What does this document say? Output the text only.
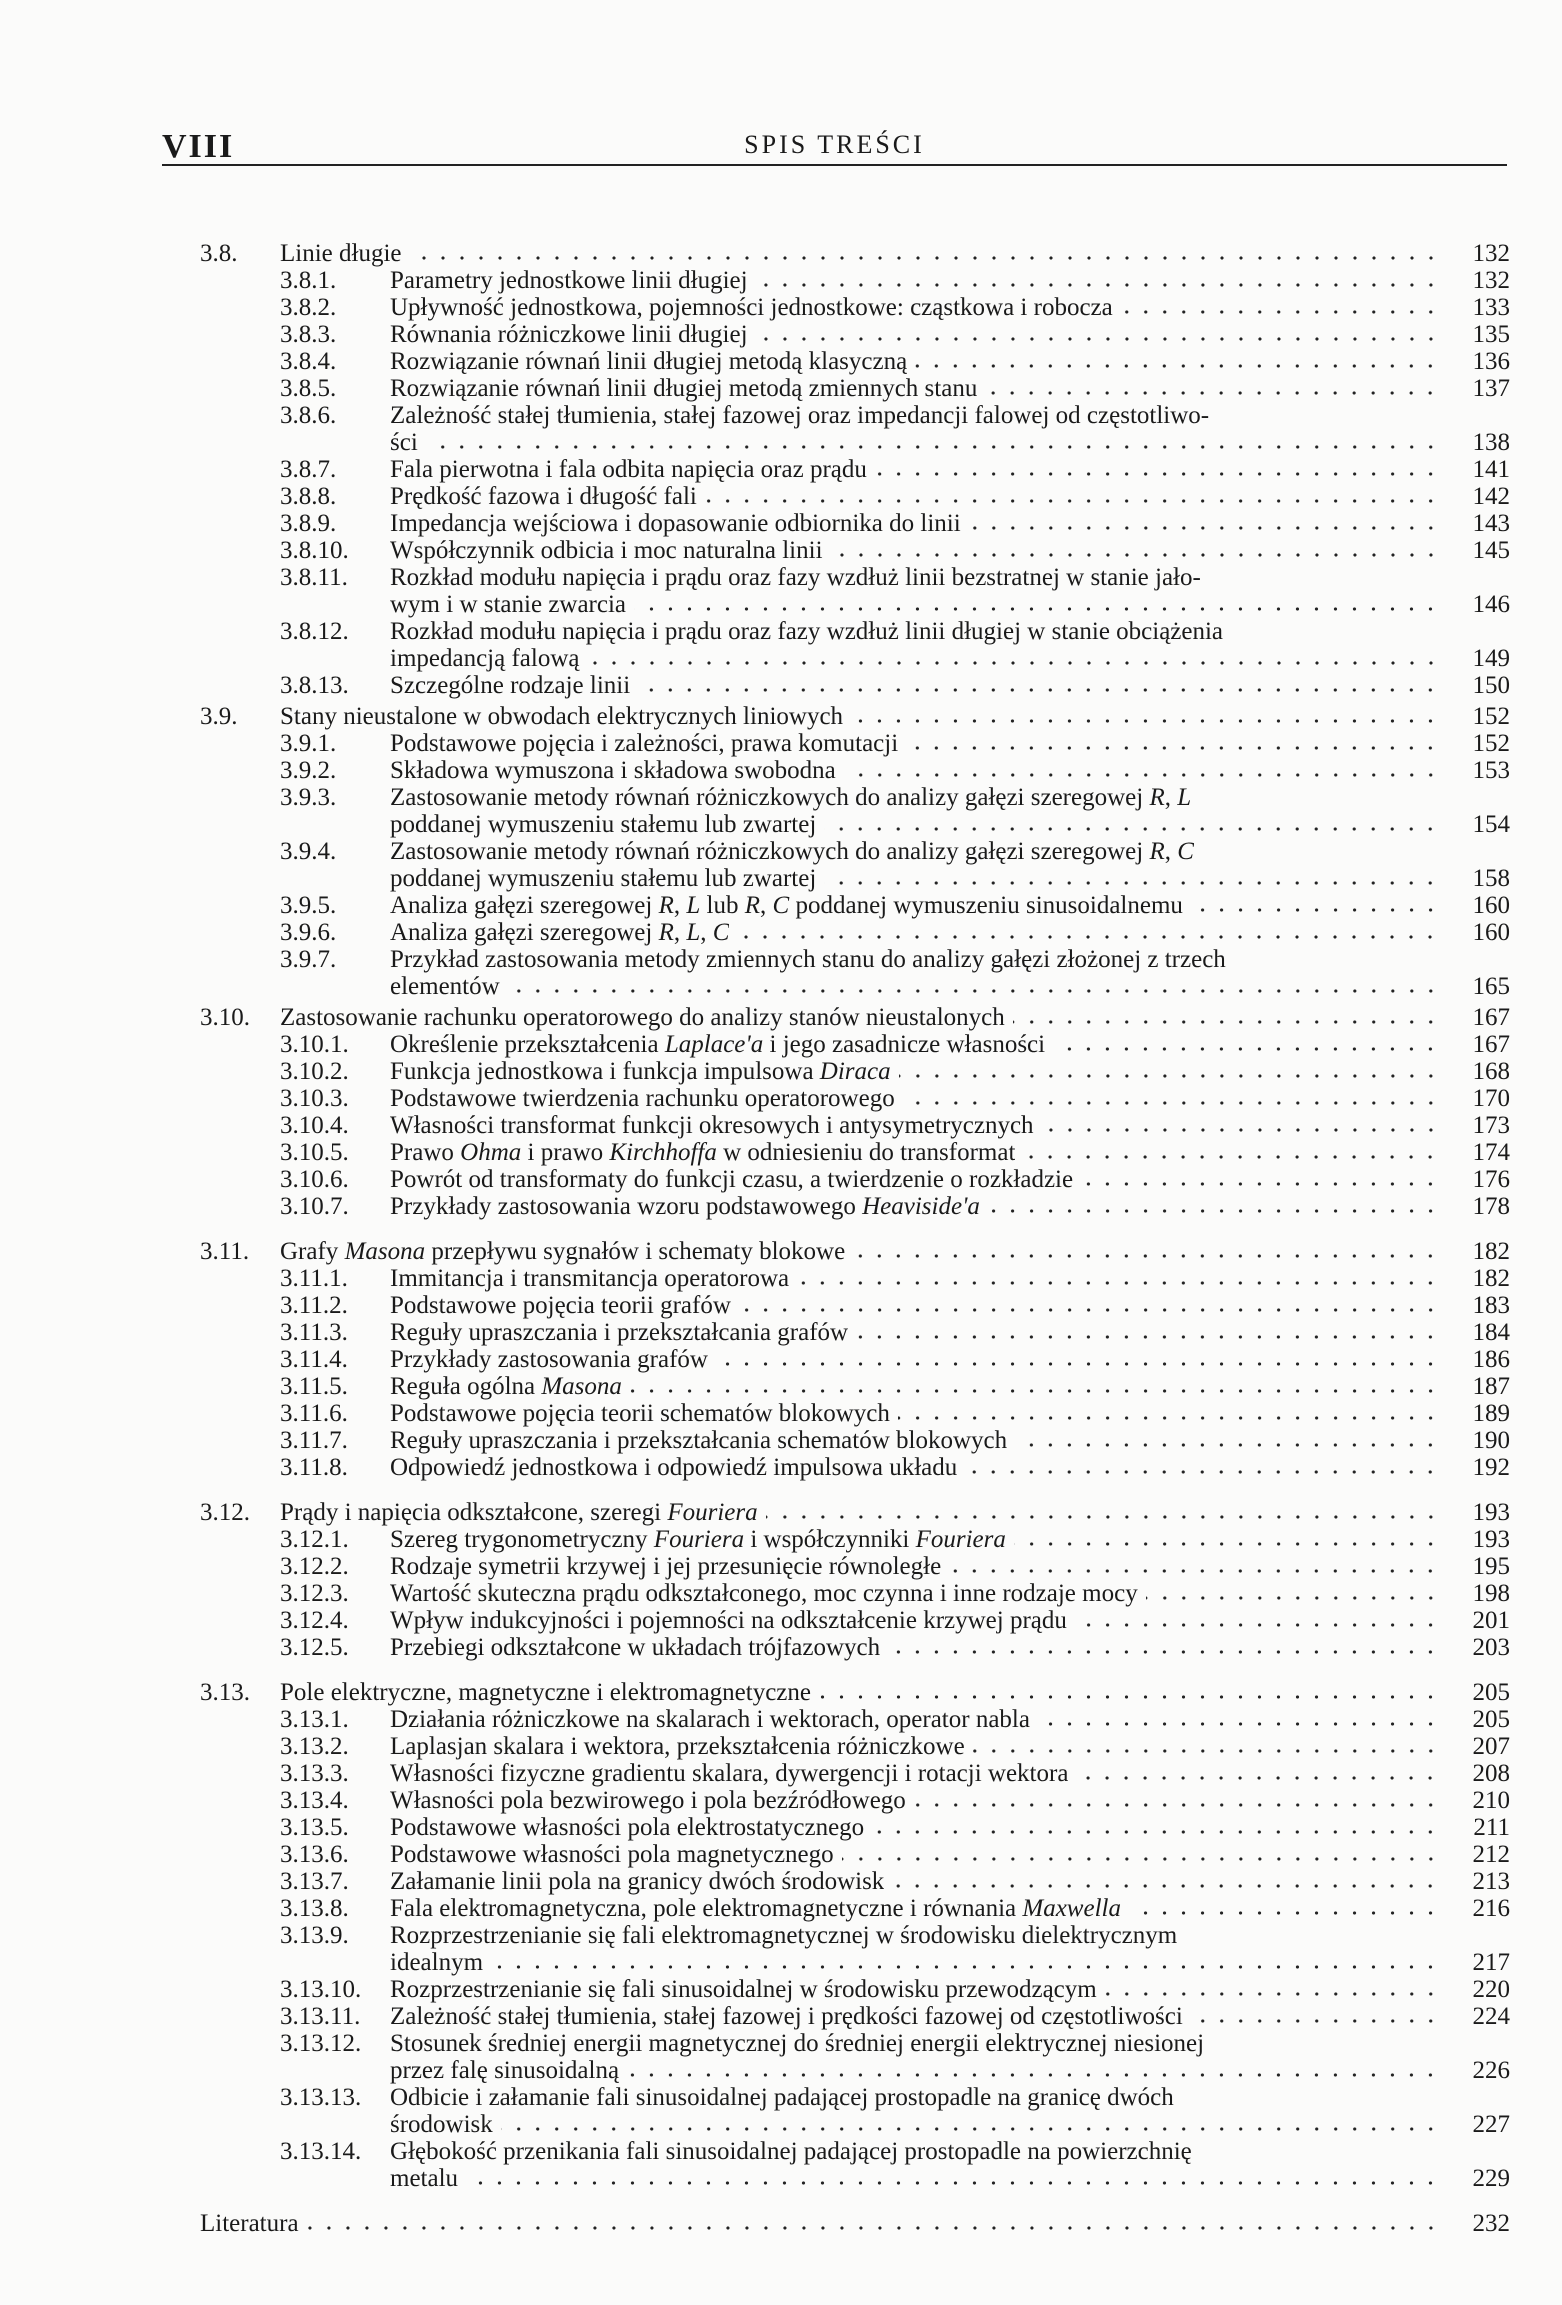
VIII	SPIS TREŚCI
3.8.	Linie długie	132
3.8.1.	Parametry jednostkowe linii długiej	132
3.8.2.	Upływność jednostkowa, pojemności jednostkowe: cząstkowa i robocza	133
3.8.3.	Równania różniczkowe linii długiej	135
3.8.4.	Rozwiązanie równań linii długiej metodą klasyczną	136
3.8.5.	Rozwiązanie równań linii długiej metodą zmiennych stanu	137
3.8.6.	Zależność stałej tłumienia, stałej fazowej oraz impedancji falowej od częstotliwo-
ści	138
3.8.7.	Fala pierwotna i fala odbita napięcia oraz prądu	141
3.8.8.	Prędkość fazowa i długość fali	142
3.8.9.	Impedancja wejściowa i dopasowanie odbiornika do linii	143
3.8.10.	Współczynnik odbicia i moc naturalna linii	145
3.8.11.	Rozkład modułu napięcia i prądu oraz fazy wzdłuż linii bezstratnej w stanie jało-
wym i w stanie zwarcia	146
3.8.12.	Rozkład modułu napięcia i prądu oraz fazy wzdłuż linii długiej w stanie obciążenia
impedancją falową	149
3.8.13.	Szczególne rodzaje linii	150
3.9.	Stany nieustalone w obwodach elektrycznych liniowych	152
3.9.1.	Podstawowe pojęcia i zależności, prawa komutacji	152
3.9.2.	Składowa wymuszona i składowa swobodna	153
3.9.3.	Zastosowanie metody równań różniczkowych do analizy gałęzi szeregowej R, L
poddanej wymuszeniu stałemu lub zwartej	154
3.9.4.	Zastosowanie metody równań różniczkowych do analizy gałęzi szeregowej R, C
poddanej wymuszeniu stałemu lub zwartej	158
3.9.5.	Analiza gałęzi szeregowej R, L lub R, C poddanej wymuszeniu sinusoidalnemu	160
3.9.6.	Analiza gałęzi szeregowej R, L, C	160
3.9.7.	Przykład zastosowania metody zmiennych stanu do analizy gałęzi złożonej z trzech
elementów	165
3.10.	Zastosowanie rachunku operatorowego do analizy stanów nieustalonych	167
3.10.1.	Określenie przekształcenia Laplace'a i jego zasadnicze własności	167
3.10.2.	Funkcja jednostkowa i funkcja impulsowa Diraca	168
3.10.3.	Podstawowe twierdzenia rachunku operatorowego	170
3.10.4.	Własności transformat funkcji okresowych i antysymetrycznych	173
3.10.5.	Prawo Ohma i prawo Kirchhoffa w odniesieniu do transformat	174
3.10.6.	Powrót od transformaty do funkcji czasu, a twierdzenie o rozkładzie	176
3.10.7.	Przykłady zastosowania wzoru podstawowego Heaviside'a	178
3.11.	Grafy Masona przepływu sygnałów i schematy blokowe	182
3.11.1.	Immitancja i transmitancja operatorowa	182
3.11.2.	Podstawowe pojęcia teorii grafów	183
3.11.3.	Reguły upraszczania i przekształcania grafów	184
3.11.4.	Przykłady zastosowania grafów	186
3.11.5.	Reguła ogólna Masona	187
3.11.6.	Podstawowe pojęcia teorii schematów blokowych	189
3.11.7.	Reguły upraszczania i przekształcania schematów blokowych	190
3.11.8.	Odpowiedź jednostkowa i odpowiedź impulsowa układu	192
3.12.	Prądy i napięcia odkształcone, szeregi Fouriera	193
3.12.1.	Szereg trygonometryczny Fouriera i współczynniki Fouriera	193
3.12.2.	Rodzaje symetrii krzywej i jej przesunięcie równoległe	195
3.12.3.	Wartość skuteczna prądu odkształconego, moc czynna i inne rodzaje mocy	198
3.12.4.	Wpływ indukcyjności i pojemności na odkształcenie krzywej prądu	201
3.12.5.	Przebiegi odkształcone w układach trójfazowych	203
3.13.	Pole elektryczne, magnetyczne i elektromagnetyczne	205
3.13.1.	Działania różniczkowe na skalarach i wektorach, operator nabla	205
3.13.2.	Laplasjan skalara i wektora, przekształcenia różniczkowe	207
3.13.3.	Własności fizyczne gradientu skalara, dywergencji i rotacji wektora	208
3.13.4.	Własności pola bezwirowego i pola bezźródłowego	210
3.13.5.	Podstawowe własności pola elektrostatycznego	211
3.13.6.	Podstawowe własności pola magnetycznego	212
3.13.7.	Załamanie linii pola na granicy dwóch środowisk	213
3.13.8.	Fala elektromagnetyczna, pole elektromagnetyczne i równania Maxwella	216
3.13.9.	Rozprzestrzenianie się fali elektromagnetycznej w środowisku dielektrycznym
idealnym	217
3.13.10.	Rozprzestrzenianie się fali sinusoidalnej w środowisku przewodzącym	220
3.13.11.	Zależność stałej tłumienia, stałej fazowej i prędkości fazowej od częstotliwości	224
3.13.12.	Stosunek średniej energii magnetycznej do średniej energii elektrycznej niesionej
przez falę sinusoidalną	226
3.13.13.	Odbicie i załamanie fali sinusoidalnej padającej prostopadle na granicę dwóch
środowisk	227
3.13.14.	Głębokość przenikania fali sinusoidalnej padającej prostopadle na powierzchnię
metalu	229
Literatura	232
